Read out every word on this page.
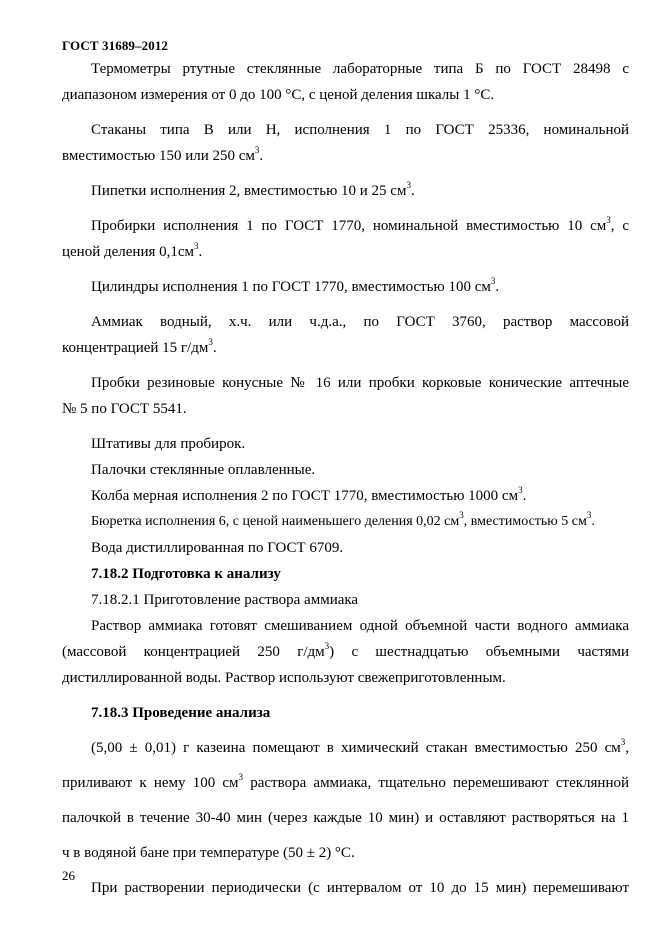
ГОСТ 31689–2012

Термометры ртутные стеклянные лабораторные типа Б по ГОСТ 28498 с

диапазоном измерения от 0 до 100 °С, с ценой деления шкалы 1 °С.

Стаканы типа В или Н, исполнения 1 по ГОСТ 25336, номинальной

вместимостью 150 или 250 $см^3$.

Пипетки исполнения 2, вместимостью 10 и 25 $см^3$.

Пробирки исполнения 1 по ГОСТ 1770, номинальной вместимостью 10 $см^3$, с

ценой деления $0,1см^3$.

Цилиндры исполнения 1 по ГОСТ 1770, вместимостью 100 $см^3$.

Аммиак водный, х.ч. или ч.д.а., по ГОСТ 3760, раствор массовой

концентрацией 15 $г/дм^3$.

Пробки резиновые конусные № 16 или пробки корковые конические аптечные

№ 5 по ГОСТ 5541.

Штативы для пробирок.

Палочки стеклянные оплавленные.

Колба мерная исполнения 2 по ГОСТ 1770, вместимостью 1000 $см^3$.

Бюретка исполнения 6, с ценой наименьшего деления 0,02 $см^3$, вместимостью 5 $см^3$.

Вода дистиллированная по ГОСТ 6709.

7.18.2 Подготовка к анализу

7.18.2.1 Приготовление раствора аммиака

Раствор аммиака готовят смешиванием одной объемной части водного аммиака

(массовой концентрацией 250 $г/дм^3$) с шестнадцатью объемными частями

дистиллированной воды. Раствор используют свежеприготовленным.

7.18.3 Проведение анализа

(5,00 ± 0,01) г казеина помещают в химический стакан вместимостью 250 $см^3$,

приливают к нему 100 $см^3$ раствора аммиака, тщательно перемешивают стеклянной

палочкой в течение 30-40 мин (через каждые 10 мин) и оставляют растворяться на 1

ч в водяной бане при температуре (50 ± 2) °С.

При растворении периодически (с интервалом от 10 до 15 мин) перемешивают

26
